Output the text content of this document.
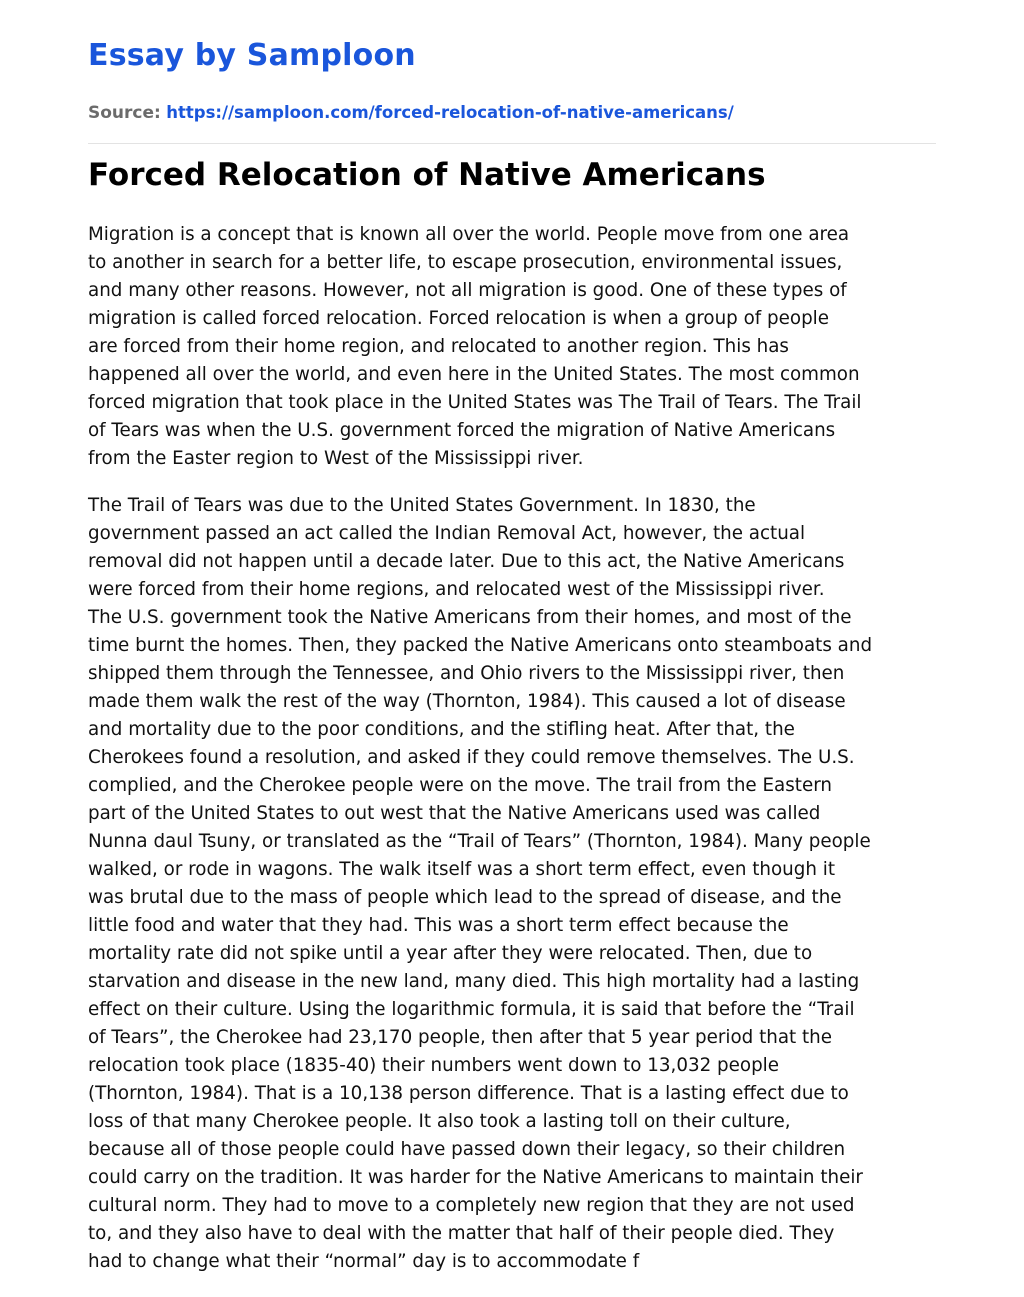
Essay by Samploon
Source: https://samploon.com/forced-relocation-of-native-americans/
Forced Relocation of Native Americans

Migration is a concept that is known all over the world. People move from one area
to another in search for a better life, to escape prosecution, environmental issues,
and many other reasons. However, not all migration is good. One of these types of
migration is called forced relocation. Forced relocation is when a group of people
are forced from their home region, and relocated to another region. This has
happened all over the world, and even here in the United States. The most common
forced migration that took place in the United States was The Trail of Tears. The Trail
of Tears was when the U.S. government forced the migration of Native Americans
from the Easter region to West of the Mississippi river.

The Trail of Tears was due to the United States Government. In 1830, the
government passed an act called the Indian Removal Act, however, the actual
removal did not happen until a decade later. Due to this act, the Native Americans
were forced from their home regions, and relocated west of the Mississippi river.
The U.S. government took the Native Americans from their homes, and most of the
time burnt the homes. Then, they packed the Native Americans onto steamboats and
shipped them through the Tennessee, and Ohio rivers to the Mississippi river, then
made them walk the rest of the way (Thornton, 1984). This caused a lot of disease
and mortality due to the poor conditions, and the stifling heat. After that, the
Cherokees found a resolution, and asked if they could remove themselves. The U.S.
complied, and the Cherokee people were on the move. The trail from the Eastern
part of the United States to out west that the Native Americans used was called
Nunna daul Tsuny, or translated as the “Trail of Tears” (Thornton, 1984). Many people
walked, or rode in wagons. The walk itself was a short term effect, even though it
was brutal due to the mass of people which lead to the spread of disease, and the
little food and water that they had. This was a short term effect because the
mortality rate did not spike until a year after they were relocated. Then, due to
starvation and disease in the new land, many died. This high mortality had a lasting
effect on their culture. Using the logarithmic formula, it is said that before the “Trail
of Tears”, the Cherokee had 23,170 people, then after that 5 year period that the
relocation took place (1835-40) their numbers went down to 13,032 people
(Thornton, 1984). That is a 10,138 person difference. That is a lasting effect due to
loss of that many Cherokee people. It also took a lasting toll on their culture,
because all of those people could have passed down their legacy, so their children
could carry on the tradition. It was harder for the Native Americans to maintain their
cultural norm. They had to move to a completely new region that they are not used
to, and they also have to deal with the matter that half of their people died. They
had to change what their “normal” day is to accommodate f
